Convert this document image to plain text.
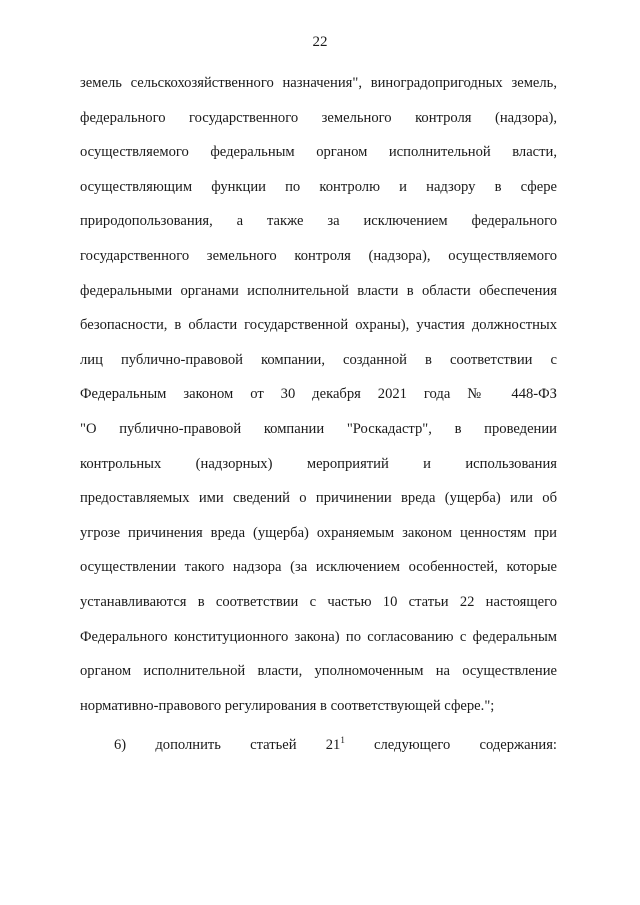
22
земель сельскохозяйственного назначения", виноградопригодных земель,
федерального государственного земельного контроля (надзора),
осуществляемого федеральным органом исполнительной власти,
осуществляющим функции по контролю и надзору в сфере
природопользования, а также за исключением федерального
государственного земельного контроля (надзора), осуществляемого
федеральными органами исполнительной власти в области обеспечения
безопасности, в области государственной охраны), участия должностных
лиц публично-правовой компании, созданной в соответствии с
Федеральным законом от 30 декабря 2021 года № 448-ФЗ
"О публично-правовой компании "Роскадастр", в проведении
контрольных (надзорных) мероприятий и использования
предоставляемых ими сведений о причинении вреда (ущерба) или об
угрозе причинения вреда (ущерба) охраняемым законом ценностям при
осуществлении такого надзора (за исключением особенностей, которые
устанавливаются в соответствии с частью 10 статьи 22 настоящего
Федерального конституционного закона) по согласованию с федеральным
органом исполнительной власти, уполномоченным на осуществление
нормативно-правового регулирования в соответствующей сфере.";
6) дополнить статьей $21^1$ следующего содержания:
